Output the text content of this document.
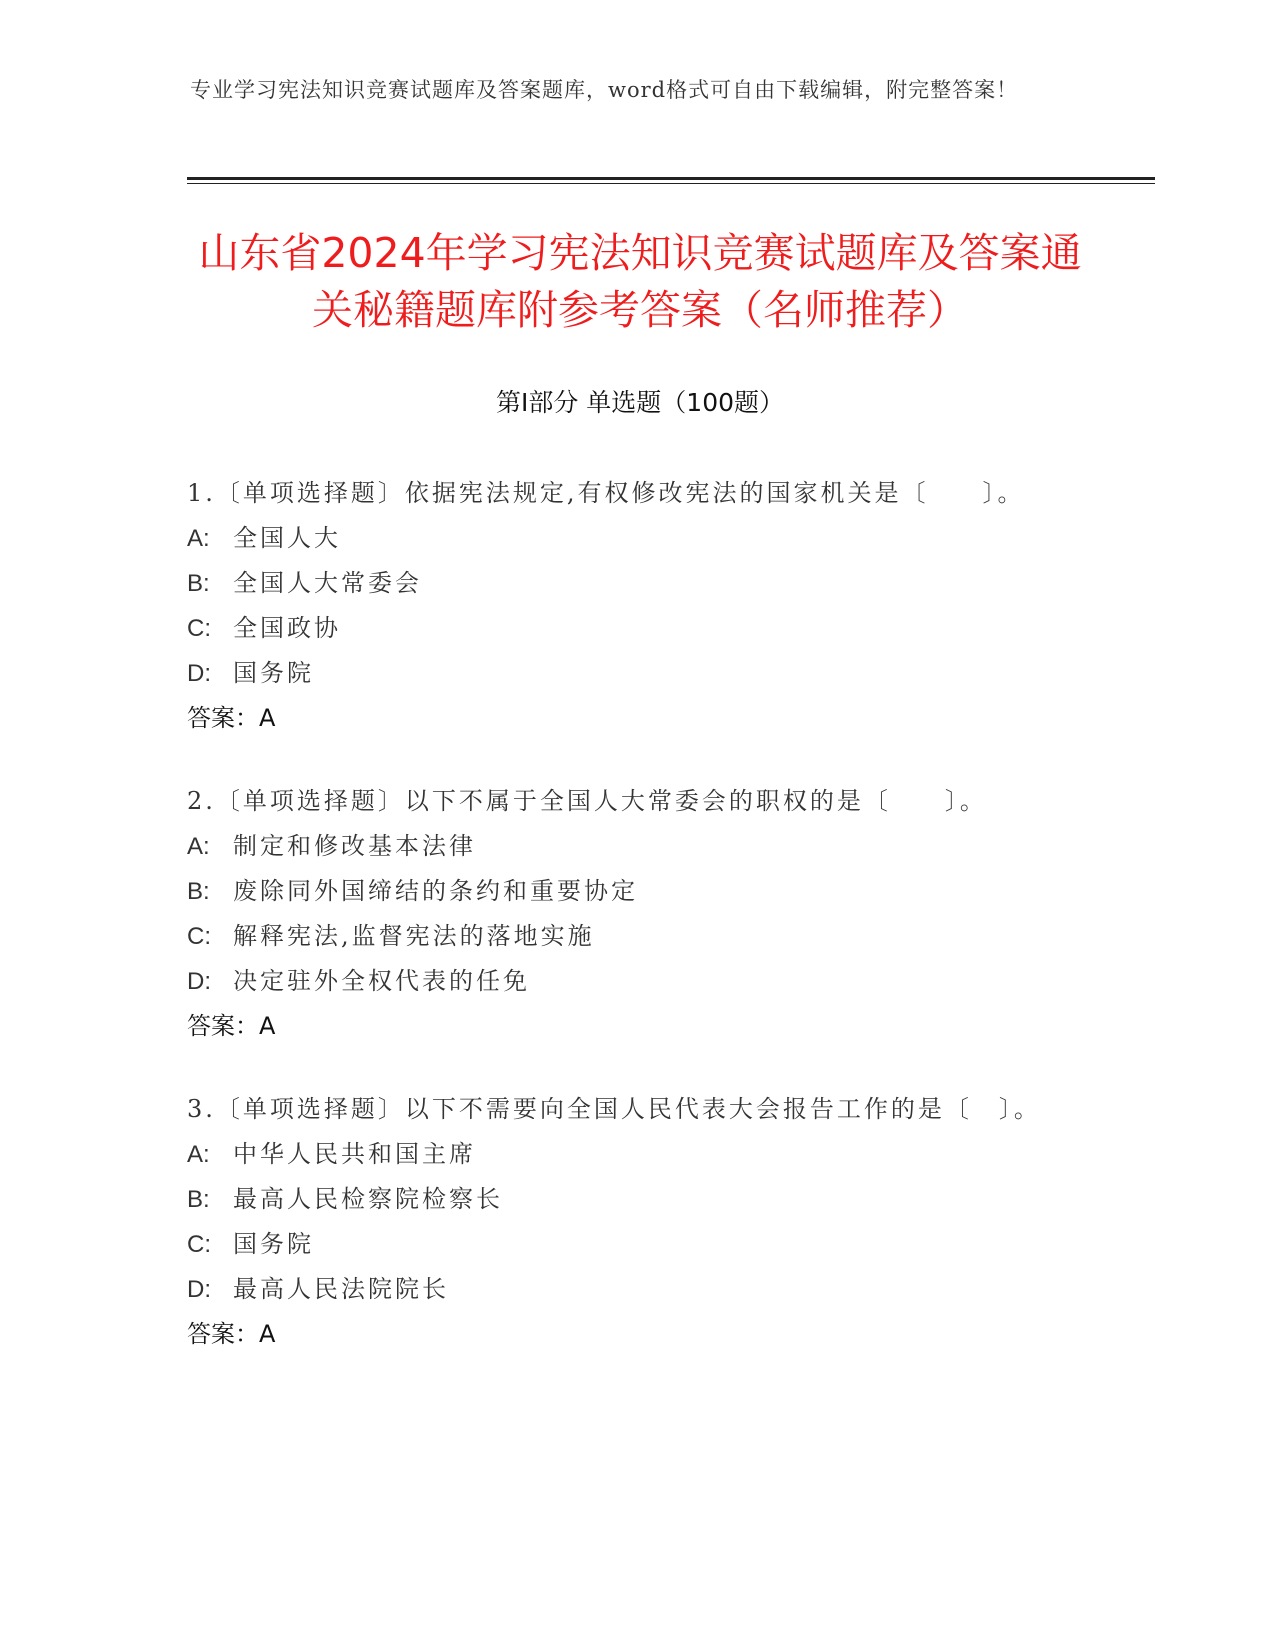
专业学习宪法知识竞赛试题库及答案题库，word格式可自由下载编辑，附完整答案！
山东省2024年学习宪法知识竞赛试题库及答案通关秘籍题库附参考答案（名师推荐）
第Ⅰ部分 单选题（100题）
1.〔单项选择题〕依据宪法规定,有权修改宪法的国家机关是〔　　〕。
A: 全国人大
B: 全国人大常委会
C: 全国政协
D: 国务院
答案：A
2.〔单项选择题〕以下不属于全国人大常委会的职权的是〔　　〕。
A: 制定和修改基本法律
B: 废除同外国缔结的条约和重要协定
C: 解释宪法,监督宪法的落地实施
D: 决定驻外全权代表的任免
答案：A
3.〔单项选择题〕以下不需要向全国人民代表大会报告工作的是〔　〕。
A: 中华人民共和国主席
B: 最高人民检察院检察长
C: 国务院
D: 最高人民法院院长
答案：A
